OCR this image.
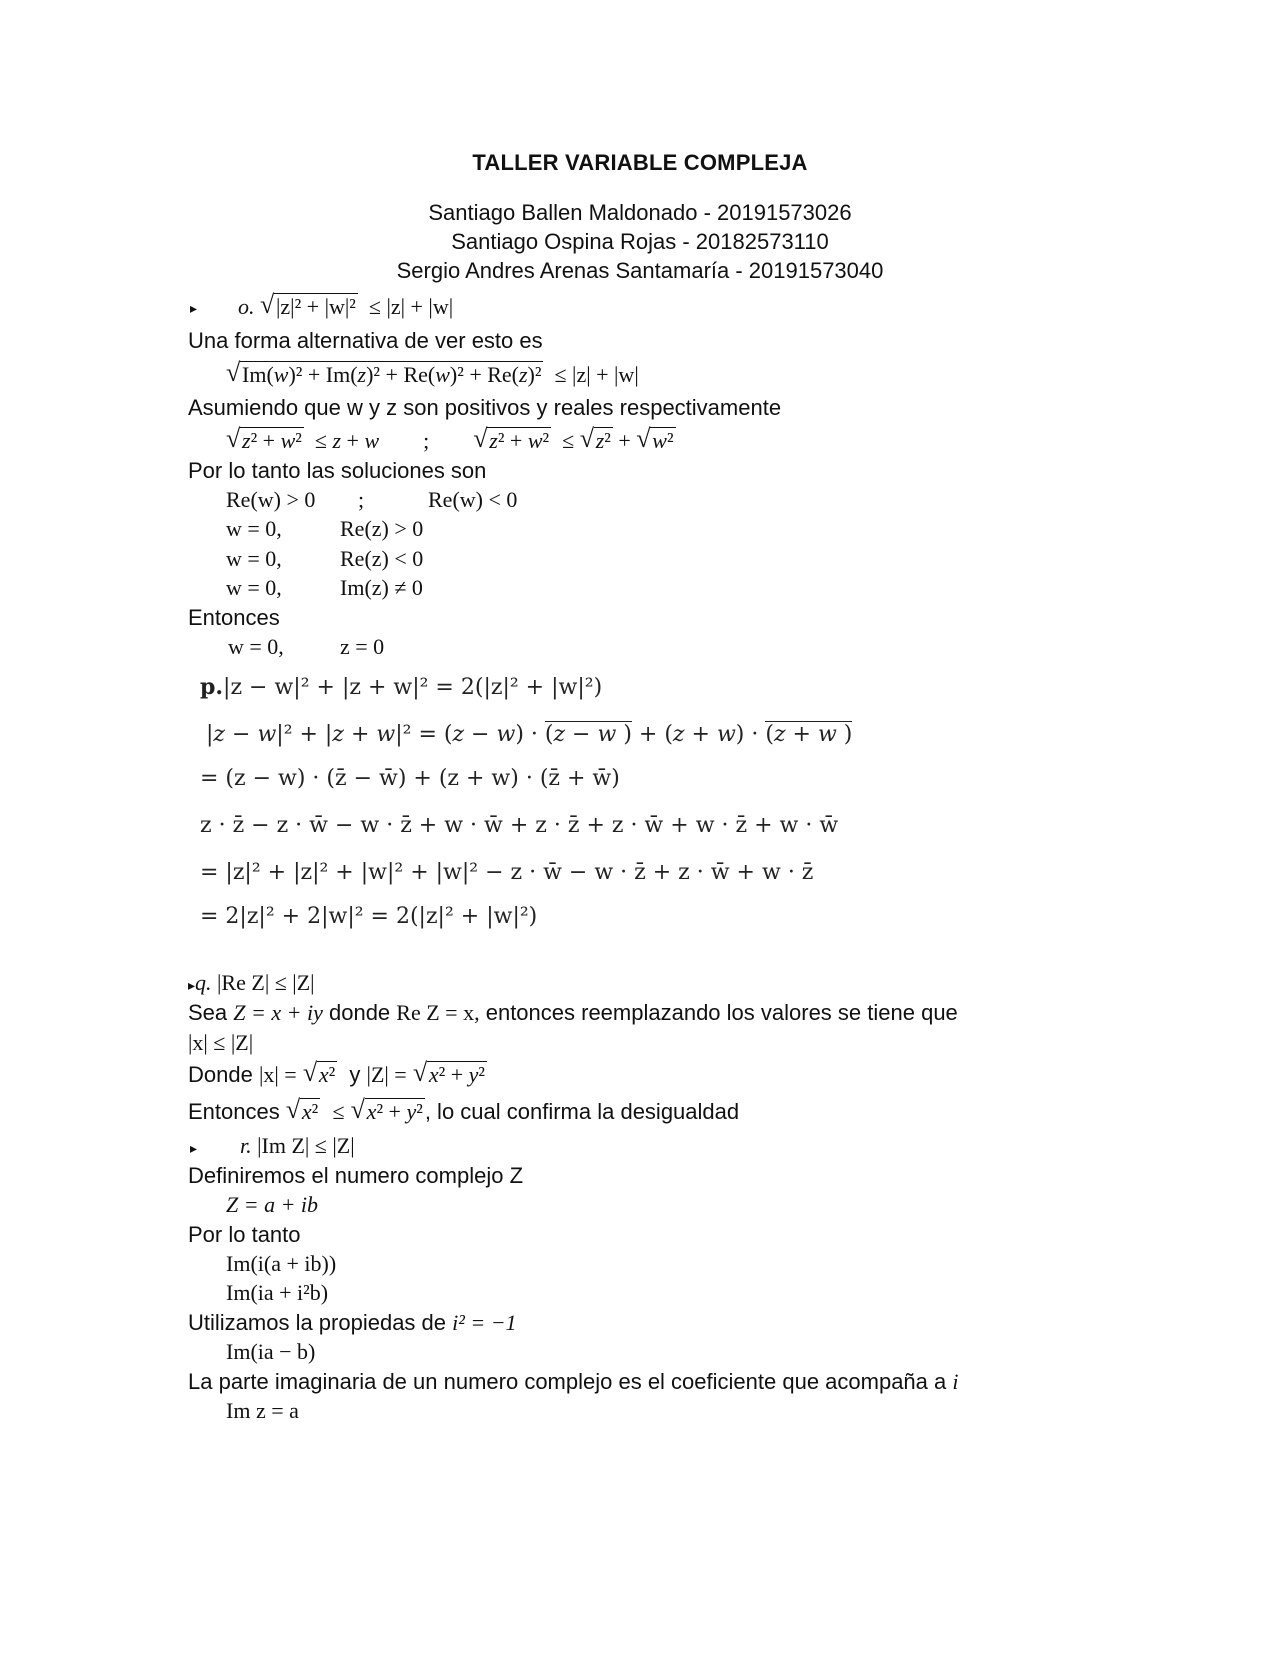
TALLER VARIABLE COMPLEJA
Santiago Ballen Maldonado - 20191573026
Santiago Ospina Rojas - 20182573110
Sergio Andres Arenas Santamaría - 20191573040
▸ o. √ |z|² + |w|² ≤ |z| + |w|
Una forma alternativa de ver esto es
√ Im(w)² + Im(z)² + Re(w)² + Re(z)² ≤ |z| + |w|
Asumiendo que w y z son positivos y reales respectivamente
√ z² + w²  ≤ z + w ;	√ z² + w²  ≤ √ z² + √ w²
Por lo tanto las soluciones son
Re(w) > 0 ;	Re(w) < 0
w = 0,	Re(z) > 0
w = 0,	Re(z) < 0
w = 0,	Im(z) ≠ 0
Entonces
w = 0,	z = 0
p.|z − w|² + |z + w|² = 2(|z|² + |w|²)
|z − w|² + |z + w|² = (z − w) · (z − w ) + (z + w) · (z + w )
= (z − w) · (z̄ − w̄) + (z + w) · (z̄ + w̄)
z · z̄ − z · w̄ − w · z̄ + w · w̄ + z · z̄ + z · w̄ + w · z̄ + w · w̄
= |z|² + |z|² + |w|² + |w|² − z · w̄ − w · z̄ + z · w̄ + w · z̄
= 2|z|² + 2|w|² = 2(|z|² + |w|²)
▸q. |Re Z| ≤ |Z|
Sea Z = x + iy donde Re Z = x, entonces reemplazando los valores se tiene que
|x| ≤ |Z|
Donde |x| = √ x² y |Z| = √ x² + y²
Entonces √ x² ≤ √ x² + y², lo cual confirma la desigualdad
▸ r. |Im Z| ≤ |Z|
Definiremos el numero complejo Z
Z = a + ib
Por lo tanto
Im(i(a + ib))
Im(ia + i²b)
Utilizamos la propiedas de i² = −1
Im(ia − b)
La parte imaginaria de un numero complejo es el coeficiente que acompaña a i
Im z = a
